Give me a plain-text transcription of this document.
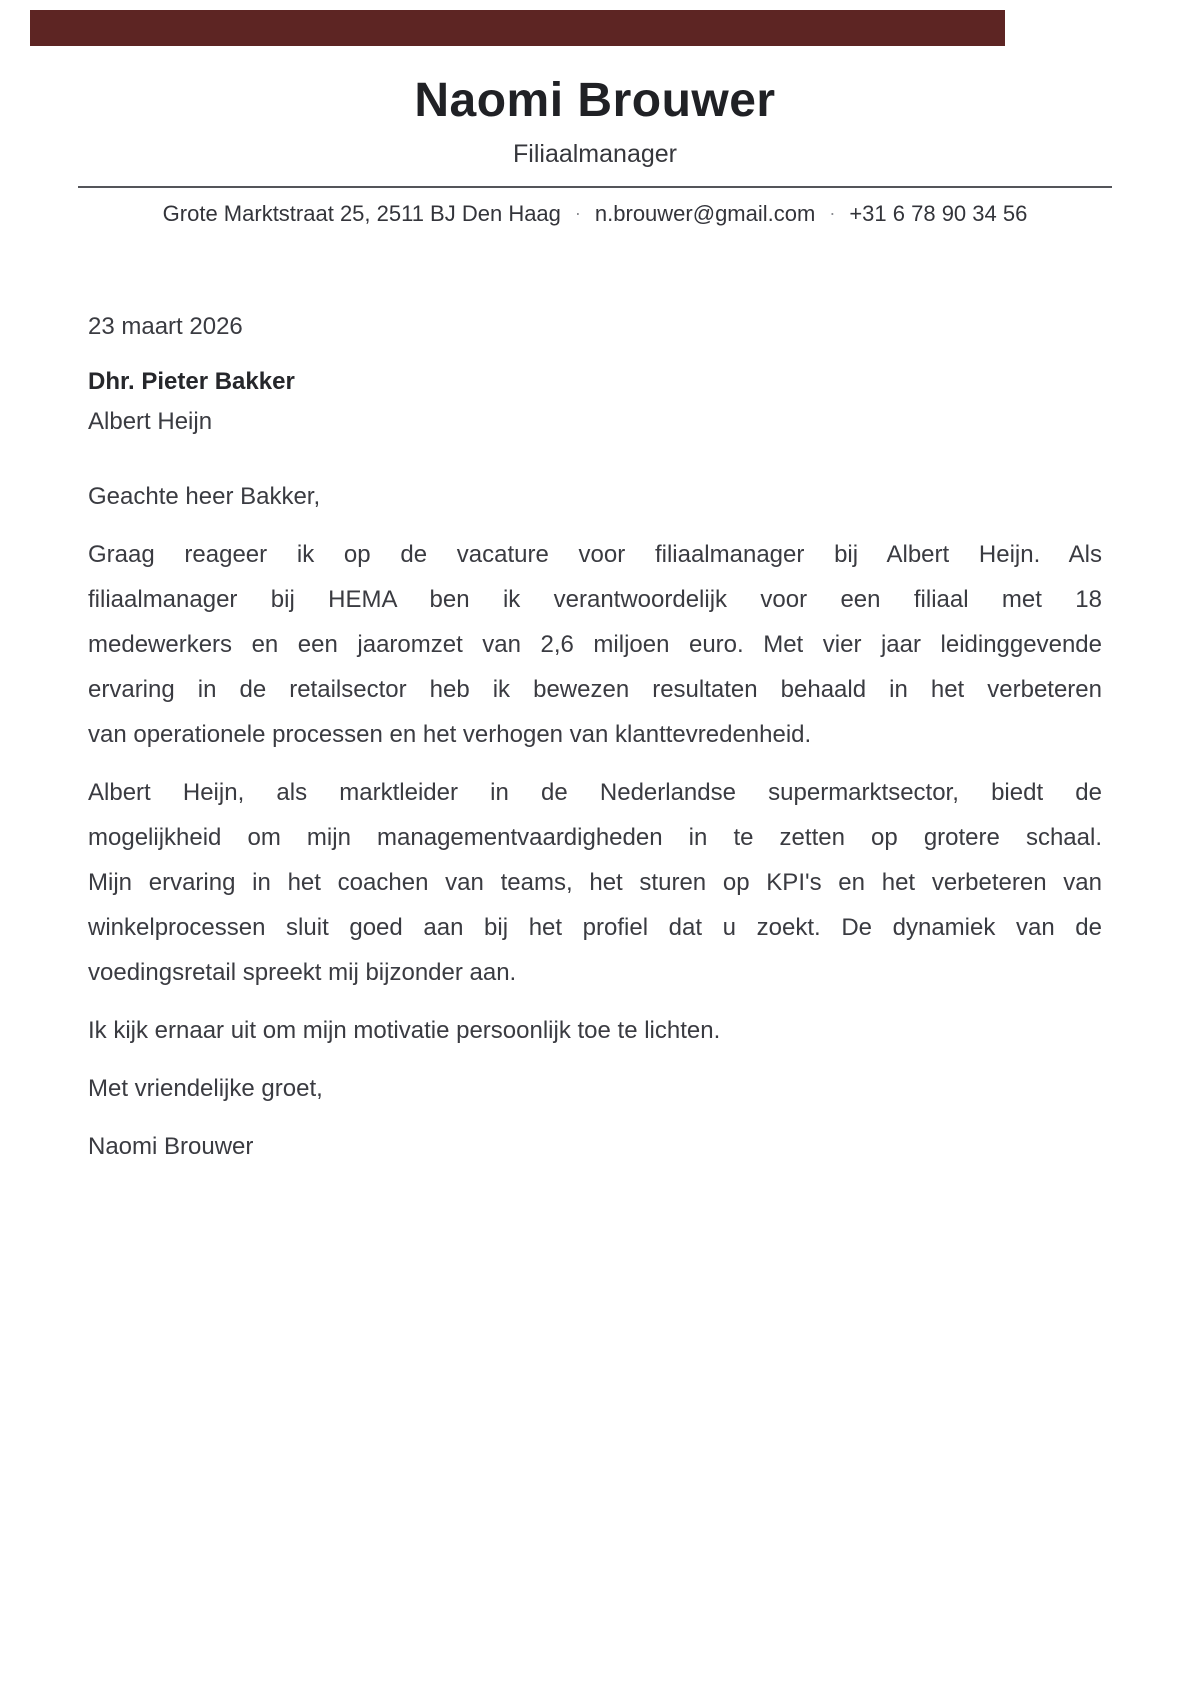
Naomi Brouwer
Filiaalmanager
Grote Marktstraat 25, 2511 BJ Den Haag · n.brouwer@gmail.com · +31 6 78 90 34 56
23 maart 2026
Dhr. Pieter Bakker
Albert Heijn
Geachte heer Bakker,
Graag reageer ik op de vacature voor filiaalmanager bij Albert Heijn. Als
filiaalmanager bij HEMA ben ik verantwoordelijk voor een filiaal met 18
medewerkers en een jaaromzet van 2,6 miljoen euro. Met vier jaar leidinggevende
ervaring in de retailsector heb ik bewezen resultaten behaald in het verbeteren
van operationele processen en het verhogen van klanttevredenheid.
Albert Heijn, als marktleider in de Nederlandse supermarktsector, biedt de
mogelijkheid om mijn managementvaardigheden in te zetten op grotere schaal.
Mijn ervaring in het coachen van teams, het sturen op KPI's en het verbeteren van
winkelprocessen sluit goed aan bij het profiel dat u zoekt. De dynamiek van de
voedingsretail spreekt mij bijzonder aan.
Ik kijk ernaar uit om mijn motivatie persoonlijk toe te lichten.
Met vriendelijke groet,
Naomi Brouwer
